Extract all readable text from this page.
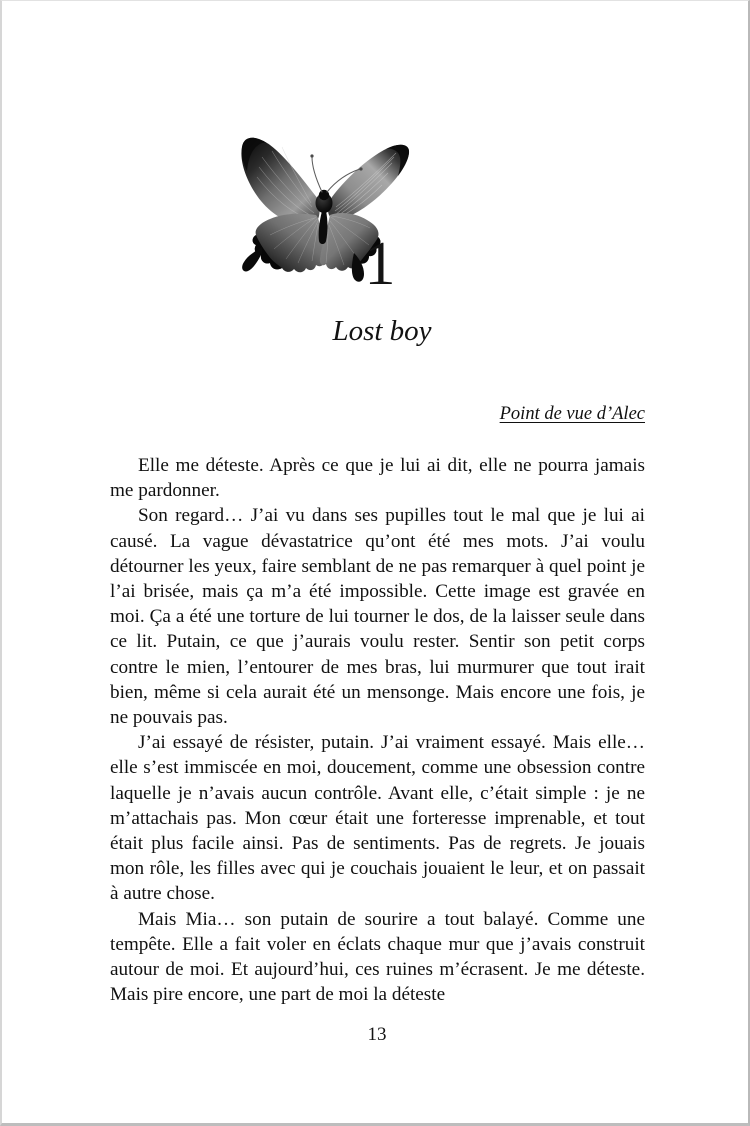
1
Lost boy
Point de vue d’Alec

Elle me déteste. Après ce que je lui ai dit, elle ne pourra jamais me pardonner.

Son regard… J’ai vu dans ses pupilles tout le mal que je lui ai causé. La vague dévastatrice qu’ont été mes mots. J’ai voulu détourner les yeux, faire semblant de ne pas remarquer à quel point je l’ai brisée, mais ça m’a été impossible. Cette image est gravée en moi. Ça a été une torture de lui tourner le dos, de la laisser seule dans ce lit. Putain, ce que j’aurais voulu rester. Sentir son petit corps contre le mien, l’entourer de mes bras, lui murmurer que tout irait bien, même si cela aurait été un mensonge. Mais encore une fois, je ne pouvais pas.

J’ai essayé de résister, putain. J’ai vraiment essayé. Mais elle… elle s’est immiscée en moi, doucement, comme une obsession contre laquelle je n’avais aucun contrôle. Avant elle, c’était simple : je ne m’attachais pas. Mon cœur était une forteresse imprenable, et tout était plus facile ainsi. Pas de sentiments. Pas de regrets. Je jouais mon rôle, les filles avec qui je couchais jouaient le leur, et on passait à autre chose.

Mais Mia… son putain de sourire a tout balayé. Comme une tempête. Elle a fait voler en éclats chaque mur que j’avais construit autour de moi. Et aujourd’hui, ces ruines m’écrasent. Je me déteste. Mais pire encore, une part de moi la déteste

13
